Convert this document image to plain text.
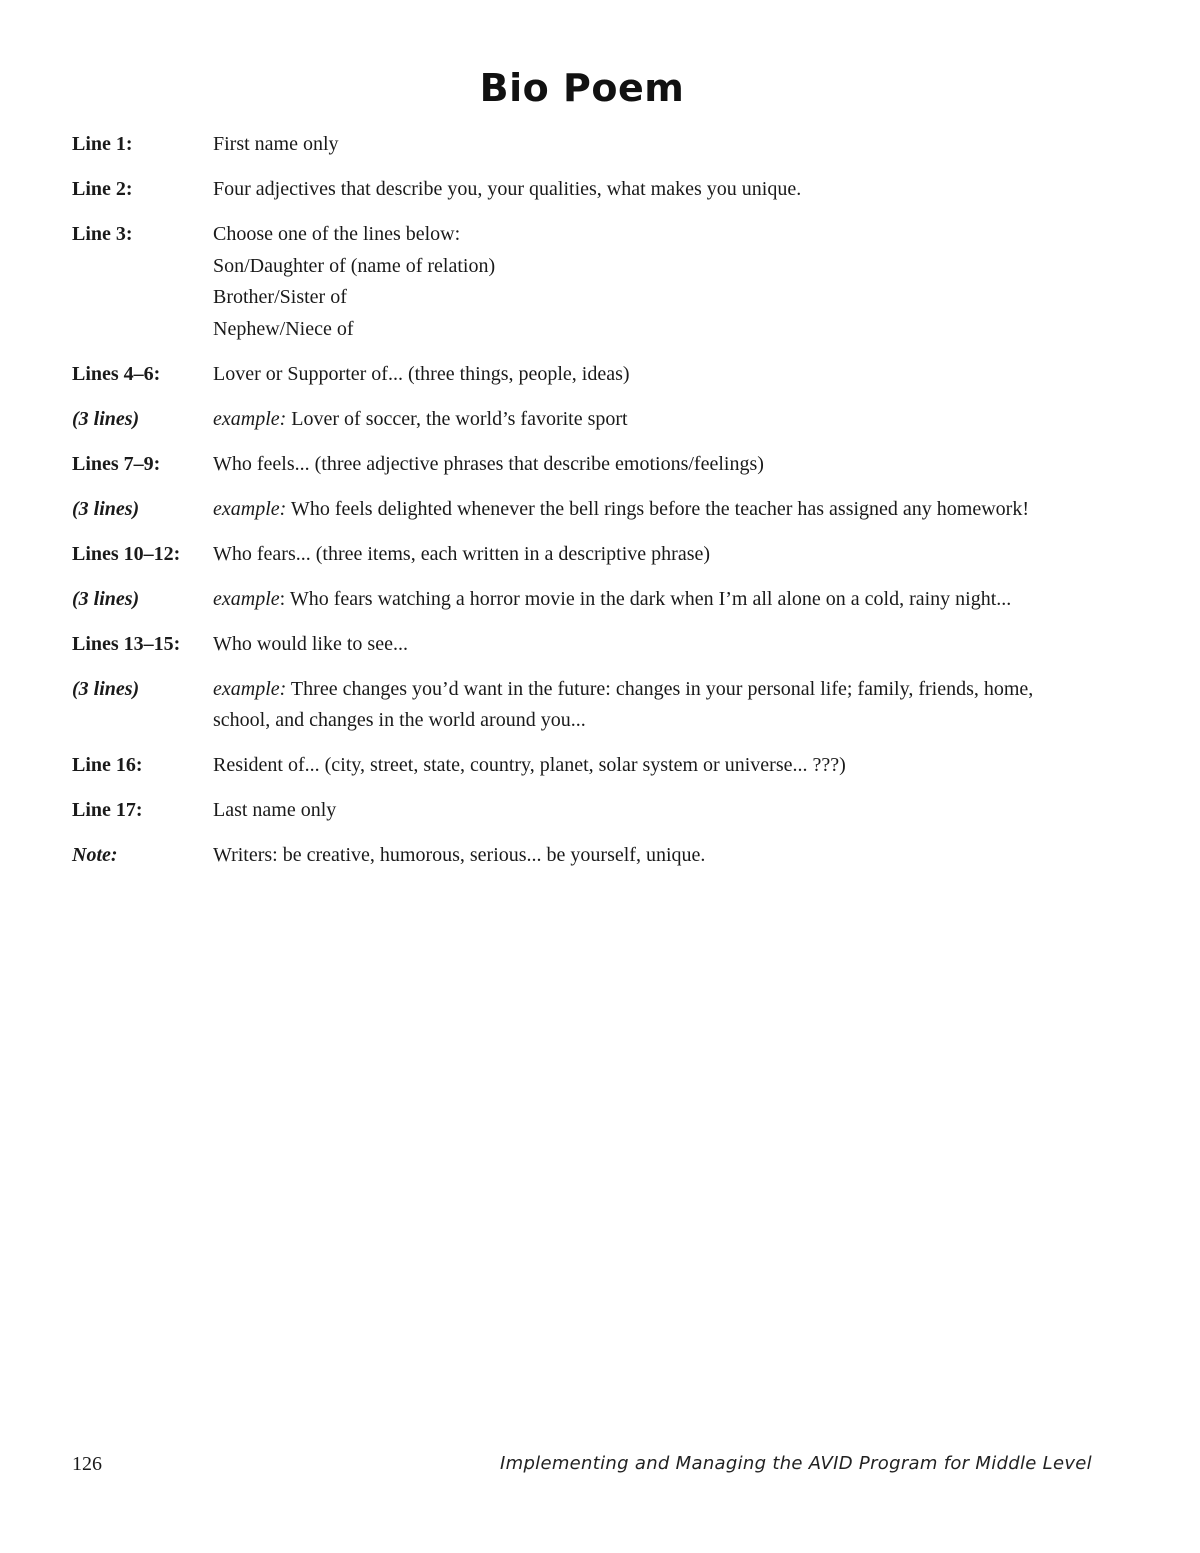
Bio Poem
Line 1:	First name only
Line 2:	Four adjectives that describe you, your qualities, what makes you unique.
Line 3:	Choose one of the lines below:
Son/Daughter of (name of relation)
Brother/Sister of
Nephew/Niece of
Lines 4–6:	Lover or Supporter of... (three things, people, ideas)
(3 lines)	example: Lover of soccer, the world’s favorite sport
Lines 7–9:	Who feels... (three adjective phrases that describe emotions/feelings)
(3 lines)	example: Who feels delighted whenever the bell rings before the teacher has assigned any homework!
Lines 10–12:	Who fears... (three items, each written in a descriptive phrase)
(3 lines)	example: Who fears watching a horror movie in the dark when I’m all alone on a cold, rainy night...
Lines 13–15:	Who would like to see...
(3 lines)	example: Three changes you’d want in the future: changes in your personal life; family, friends, home, school, and changes in the world around you...
Line 16:	Resident of... (city, street, state, country, planet, solar system or universe... ???)
Line 17:	Last name only
Note:	Writers: be creative, humorous, serious... be yourself, unique.
126	Implementing and Managing the AVID Program for Middle Level
